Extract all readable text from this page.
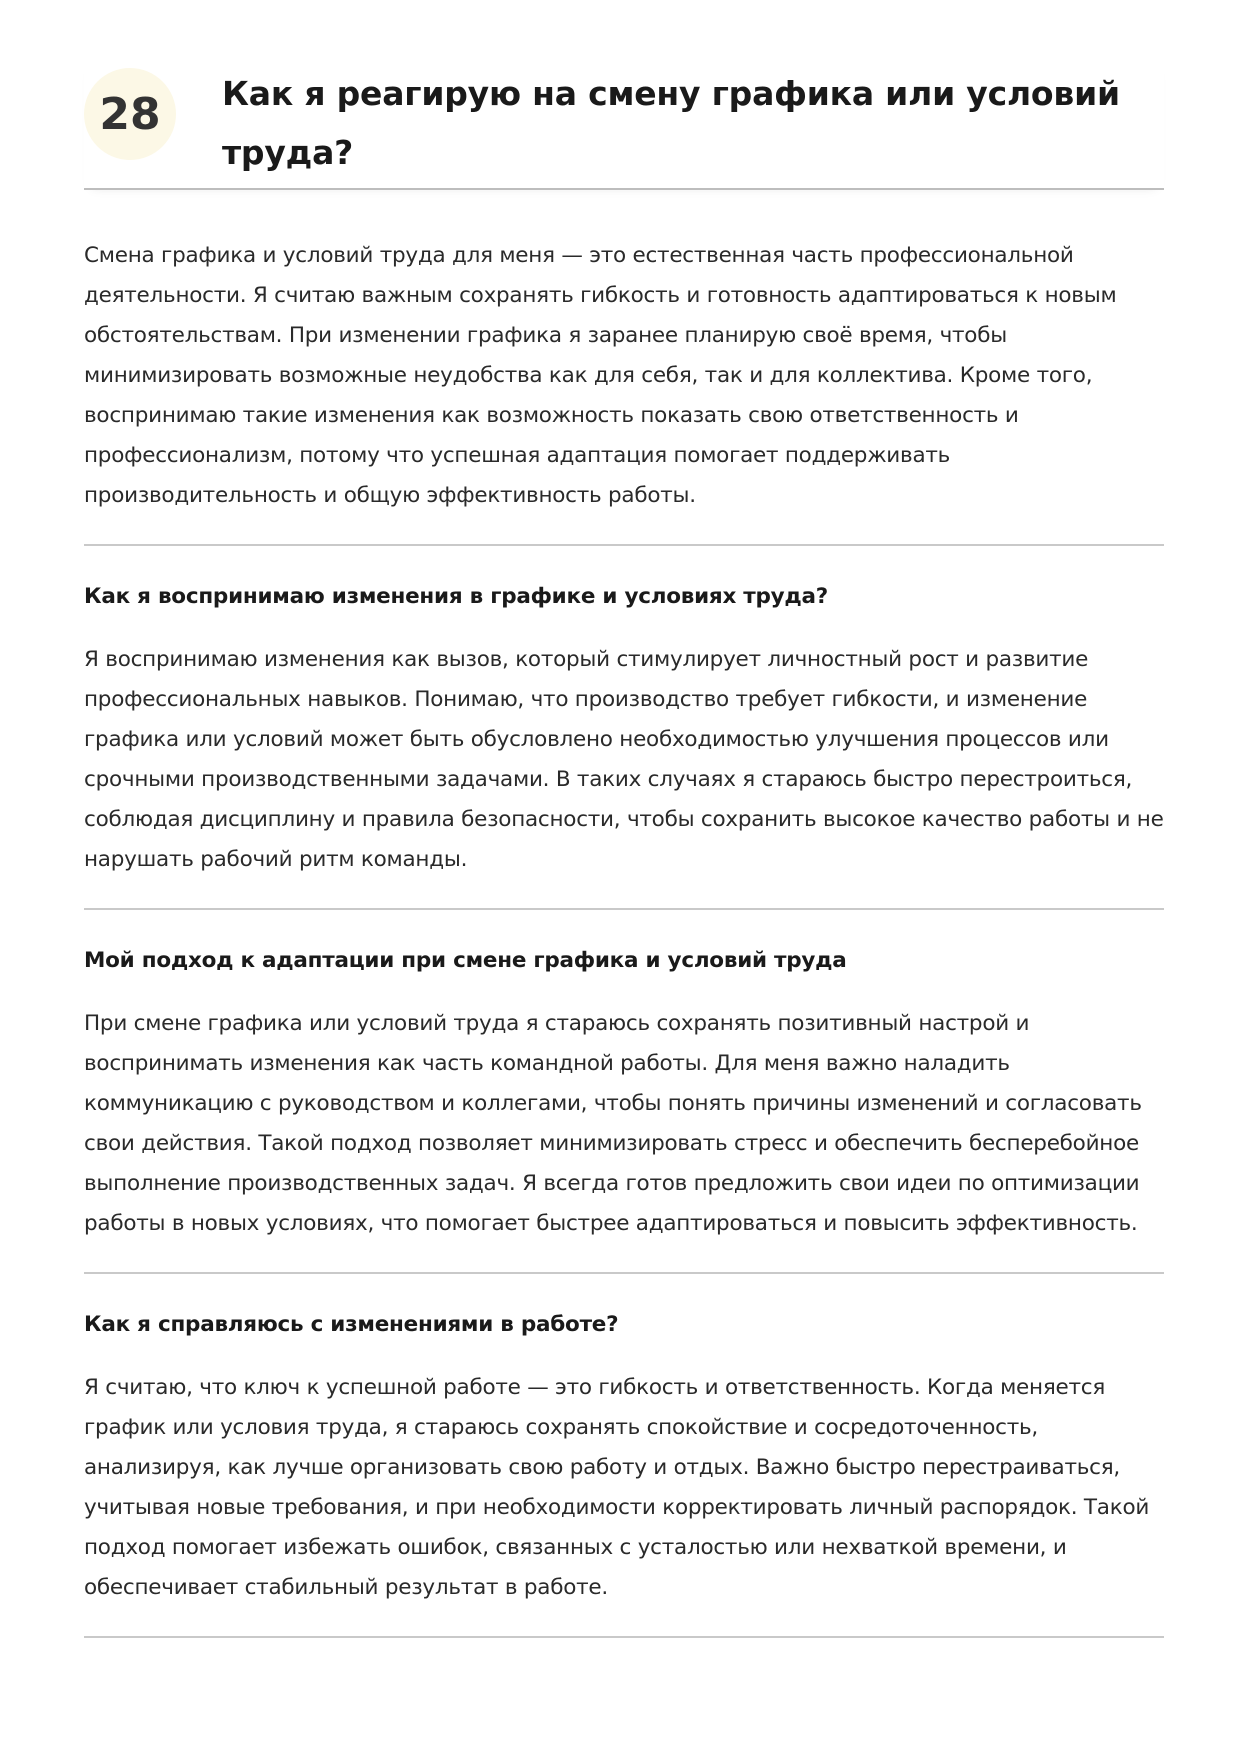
28	Как я реагирую на смену графика или условий труда?

Смена графика и условий труда для меня — это естественная часть профессиональной деятельности. Я считаю важным сохранять гибкость и готовность адаптироваться к новым обстоятельствам. При изменении графика я заранее планирую своё время, чтобы минимизировать возможные неудобства как для себя, так и для коллектива. Кроме того, воспринимаю такие изменения как возможность показать свою ответственность и профессионализм, потому что успешная адаптация помогает поддерживать производительность и общую эффективность работы.

Как я воспринимаю изменения в графике и условиях труда?

Я воспринимаю изменения как вызов, который стимулирует личностный рост и развитие профессиональных навыков. Понимаю, что производство требует гибкости, и изменение графика или условий может быть обусловлено необходимостью улучшения процессов или срочными производственными задачами. В таких случаях я стараюсь быстро перестроиться, соблюдая дисциплину и правила безопасности, чтобы сохранить высокое качество работы и не нарушать рабочий ритм команды.

Мой подход к адаптации при смене графика и условий труда

При смене графика или условий труда я стараюсь сохранять позитивный настрой и воспринимать изменения как часть командной работы. Для меня важно наладить коммуникацию с руководством и коллегами, чтобы понять причины изменений и согласовать свои действия. Такой подход позволяет минимизировать стресс и обеспечить бесперебойное выполнение производственных задач. Я всегда готов предложить свои идеи по оптимизации работы в новых условиях, что помогает быстрее адаптироваться и повысить эффективность.

Как я справляюсь с изменениями в работе?

Я считаю, что ключ к успешной работе — это гибкость и ответственность. Когда меняется график или условия труда, я стараюсь сохранять спокойствие и сосредоточенность, анализируя, как лучше организовать свою работу и отдых. Важно быстро перестраиваться, учитывая новые требования, и при необходимости корректировать личный распорядок. Такой подход помогает избежать ошибок, связанных с усталостью или нехваткой времени, и обеспечивает стабильный результат в работе.
